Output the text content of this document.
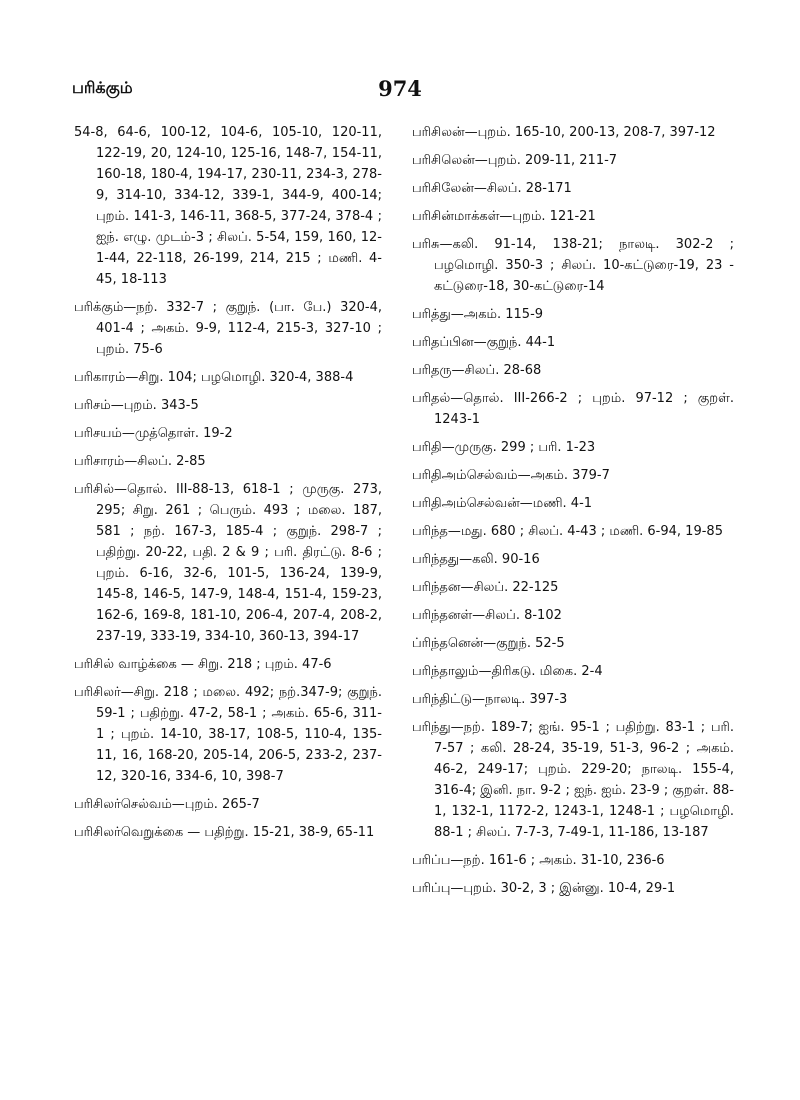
பரிக்கும்	974

54-8, 64-6, 100-12, 104-6, 105-10, 120-11, 122-19, 20, 124-10, 125-16, 148-7, 154-11, 160-18, 180-4, 194-17, 230-11, 234-3, 278-9, 314-10, 334-12, 339-1, 344-9, 400-14; புறம். 141-3, 146-11, 368-5, 377-24, 378-4 ; ஐந். எழு. முடம்-3 ; சிலப். 5-54, 159, 160, 12-1-44, 22-118, 26-199, 214, 215 ; மணி. 4-45, 18-113

பரிக்கும்—நற். 332-7 ; குறுந். (பா. பே.) 320-4, 401-4 ; அகம். 9-9, 112-4, 215-3, 327-10 ; புறம். 75-6

பரிகாரம்—சிறு. 104; பழமொழி. 320-4, 388-4

பரிசம்—புறம். 343-5

பரிசயம்—முத்தொள். 19-2

பரிசாரம்—சிலப். 2-85

பரிசில்—தொல். III-88-13, 618-1 ; முருகு. 273, 295; சிறு. 261 ; பெரும். 493 ; மலை. 187, 581 ; நற். 167-3, 185-4 ; குறுந். 298-7 ; பதிற்று. 20-22, பதி. 2 & 9 ; பரி. திரட்டு. 8-6 ; புறம். 6-16, 32-6, 101-5, 136-24, 139-9, 145-8, 146-5, 147-9, 148-4, 151-4, 159-23, 162-6, 169-8, 181-10, 206-4, 207-4, 208-2, 237-19, 333-19, 334-10, 360-13, 394-17

பரிசில் வாழ்க்கை — சிறு. 218 ; புறம். 47-6

பரிசிலர்—சிறு. 218 ; மலை. 492; நற்.347-9; குறுந். 59-1 ; பதிற்று. 47-2, 58-1 ; அகம். 65-6, 311-1 ; புறம். 14-10, 38-17, 108-5, 110-4, 135-11, 16, 168-20, 205-14, 206-5, 233-2, 237-12, 320-16, 334-6, 10, 398-7

பரிசிலர்செல்வம்—புறம். 265-7

பரிசிலர்வெறுக்கை — பதிற்று. 15-21, 38-9, 65-11

பரிசிலன்—புறம். 165-10, 200-13, 208-7, 397-12

பரிசிலென்—புறம். 209-11, 211-7

பரிசிலேன்—சிலப். 28-171

பரிசின்மாக்கள்—புறம். 121-21

பரிசு—கலி. 91-14, 138-21; நாலடி. 302-2 ; பழமொழி. 350-3 ; சிலப். 10-கட்டுரை-19, 23 - கட்டுரை-18, 30-கட்டுரை-14

பரித்து—அகம். 115-9

பரிதப்பின—குறுந். 44-1

பரிதரு—சிலப். 28-68

பரிதல்—தொல். III-266-2 ; புறம். 97-12 ; குறள். 1243-1

பரிதி—முருகு. 299 ; பரி. 1-23

பரிதிஅம்செல்வம்—அகம். 379-7

பரிதிஅம்செல்வன்—மணி. 4-1

பரிந்த—மது. 680 ; சிலப். 4-43 ; மணி. 6-94, 19-85

பரிந்தது—கலி. 90-16

பரிந்தன—சிலப். 22-125

பரிந்தனள்—சிலப். 8-102

ப்ரிந்தனென்—குறுந். 52-5

பரிந்தாலும்—திரிகடு. மிகை. 2-4

பரிந்திட்டு—நாலடி. 397-3

பரிந்து—நற். 189-7; ஐங். 95-1 ; பதிற்று. 83-1 ; பரி. 7-57 ; கலி. 28-24, 35-19, 51-3, 96-2 ; அகம். 46-2, 249-17; புறம். 229-20; நாலடி. 155-4, 316-4; இனி. நா. 9-2 ; ஐந். ஐம். 23-9 ; குறள். 88-1, 132-1, 1172-2, 1243-1, 1248-1 ; பழமொழி. 88-1 ; சிலப். 7-7-3, 7-49-1, 11-186, 13-187

பரிப்ப—நற். 161-6 ; அகம். 31-10, 236-6

பரிப்பு—புறம். 30-2, 3 ; இன்னு. 10-4, 29-1
